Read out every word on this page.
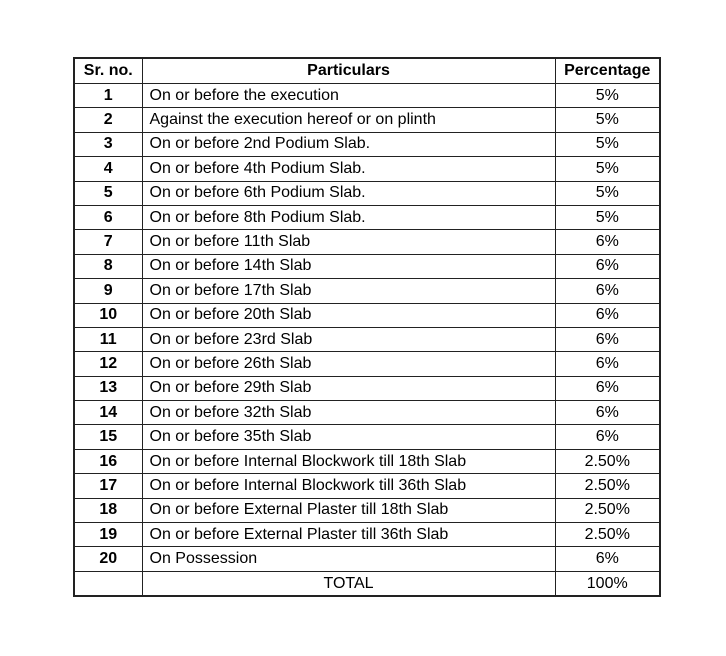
Sr. no.	Particulars	Percentage
1	On or before the execution	5%
2	Against the execution hereof or on plinth	5%
3	On or before 2nd Podium Slab.	5%
4	On or before 4th Podium Slab.	5%
5	On or before 6th Podium Slab.	5%
6	On or before 8th Podium Slab.	5%
7	On or before 11th Slab	6%
8	On or before 14th Slab	6%
9	On or before 17th Slab	6%
10	On or before 20th Slab	6%
11	On or before 23rd Slab	6%
12	On or before 26th Slab	6%
13	On or before 29th Slab	6%
14	On or before 32th Slab	6%
15	On or before 35th Slab	6%
16	On or before Internal Blockwork till 18th Slab	2.50%
17	On or before Internal Blockwork till 36th Slab	2.50%
18	On or before External Plaster till 18th Slab	2.50%
19	On or before External Plaster till 36th Slab	2.50%
20	On Possession	6%
	TOTAL	100%
